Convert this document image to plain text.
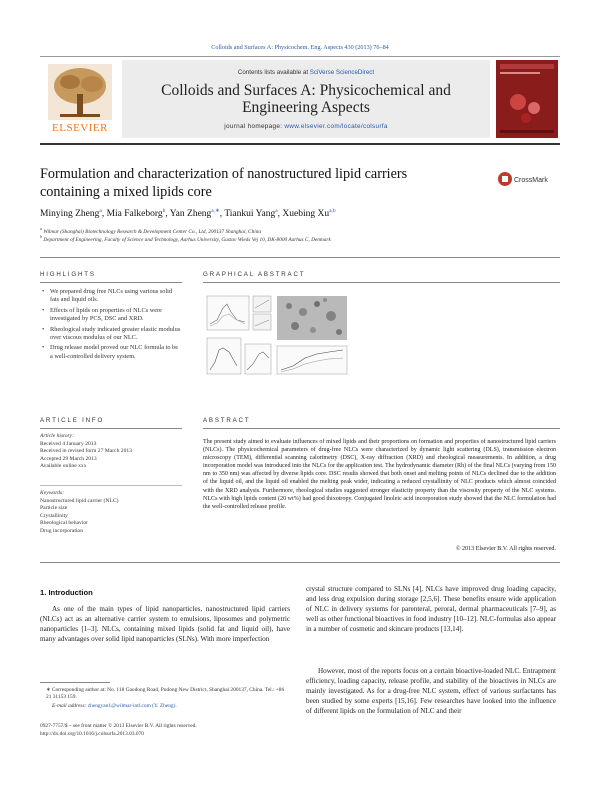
Colloids and Surfaces A: Physicochem. Eng. Aspects 430 (2013) 76–84
ELSEVIER
Contents lists available at SciVerse ScienceDirect
Colloids and Surfaces A: Physicochemical and
Engineering Aspects
journal homepage: www.elsevier.com/locate/colsurfa
Formulation and characterization of nanostructured lipid carriers
containing a mixed lipids core
CrossMark
Minying Zheng$^a$, Mia Falkeborg$^b$, Yan Zheng$^{a,∗}$, Tiankui Yang$^a$, Xuebing Xu$^{a,b}$
$^a$ Wilmar (Shanghai) Biotechnology Research & Development Center Co., Ltd, 200137 Shanghai, China
$^b$ Department of Engineering, Faculty of Science and Technology, Aarhus University, Gustav Wieds Vej 10, DK-8000 Aarhus C, Denmark
HIGHLIGHTS
• We prepared drug free NLCs using various solid fats and liquid oils.
• Effects of lipids on properties of NLCs were investigated by PCS, DSC and XRD.
• Rheological study indicated greater elastic modulus over viscous modulus of our NLC.
• Drug release model proved our NLC formula to be a well-controlled delivery system.
GRAPHICAL ABSTRACT
ARTICLE INFO
Article history:
Received 4 January 2013
Received in revised form 27 March 2013
Accepted 29 March 2013
Available online xxx
Keywords:
Nanostructured lipid carrier (NLC)
Particle size
Crystallinity
Rheological behavior
Drug incorporation
ABSTRACT
The present study aimed to evaluate influences of mixed lipids and their proportions on formation and properties of nanostructured lipid carriers (NLCs). The physicochemical parameters of drug-free NLCs were characterized by dynamic light scattering (DLS), transmission electron microscopy (TEM), differential scanning calorimetry (DSC), X-ray diffraction (XRD) and rheological measurements. In addition, a drug incorporation model was introduced into the NLCs for the application test. The hydrodynamic diameter (Rh) of the final NLCs (varying from 150 nm to 350 nm) was affected by diverse lipids core. DSC results showed that both onset and melting points of NLCs declined due to the addition of the liquid oil, and the liquid oil enabled the melting peak wider, indicating a reduced crystallinity of NLC products which almost coincided with the XRD analysis. Furthermore, rheological studies suggested stronger elasticity property than the viscosity property of the NLC systems. NLCs with high lipids content (20 wt%) had good thixotropy. Conjugated linoleic acid incorporation study showed that the NLC formulation had the well-controlled release profile.
© 2013 Elsevier B.V. All rights reserved.
1. Introduction
As one of the main types of lipid nanoparticles, nanostructured lipid carriers (NLCs) act as an alternative carrier system to emulsions, liposomes and polymetric nanoparticles [1–3]. NLCs, containing mixed lipids (solid fat and liquid oil), have many advantages over solid lipid nanoparticles (SLNs). With more imperfection
crystal structure compared to SLNs [4], NLCs have improved drug loading capacity, and less drug expulsion during storage [2,5,6]. These benefits ensure wide application of NLC in delivery systems for parenteral, peroral, dermal pharmaceuticals [7–9], as well as other functional bioactives in food industry [10–12]. NLC-formulas also appear in a number of cosmetic and skincare products [13,14].
However, most of the reports focus on a certain bioactive-loaded NLC. Entrapment efficiency, loading capacity, release profile, and stability of the bioactives in NLCs are mainly investigated. As for a drug-free NLC system, effect of various surfactants has been studied by some experts [15,16]. Few researches have looked into the influence of different lipids on the formulation of NLC and their
∗ Corresponding author at: No. 118 Gaodong Road, Pudong New District, Shanghai 200137, China. Tel.: +86 21 31153 159.
E-mail address: zhengyan1@wilmar-intl.com (Y. Zheng).
0927-7757/$ – see front matter © 2013 Elsevier B.V. All rights reserved.
http://dx.doi.org/10.1016/j.colsurfa.2013.03.070
